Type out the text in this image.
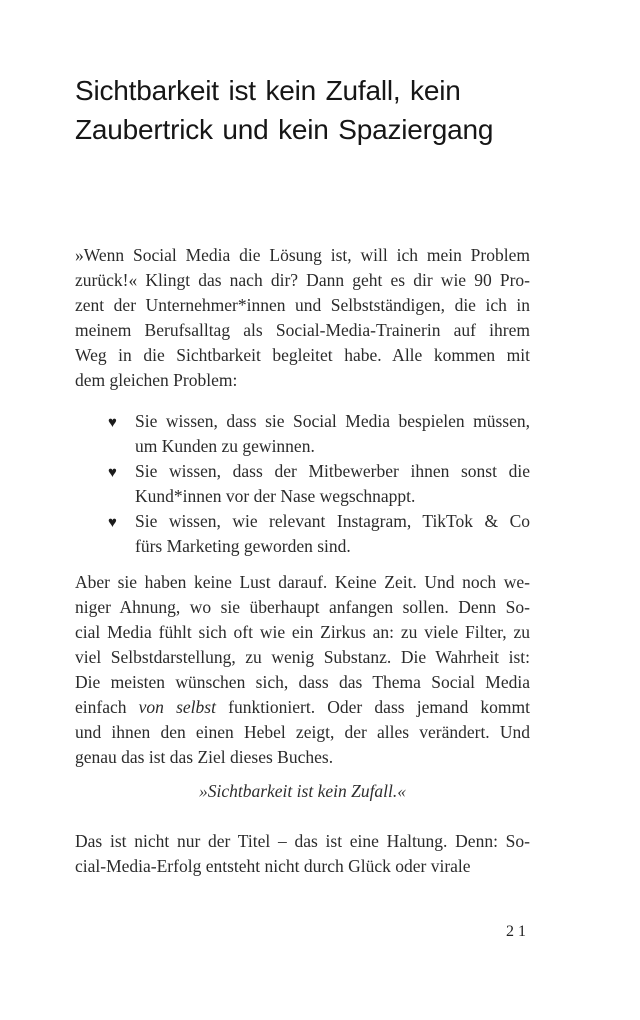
Sichtbarkeit ist kein Zufall, kein
Zaubertrick und kein Spaziergang
»Wenn Social Media die Lösung ist, will ich mein Problem
zurück!« Klingt das nach dir? Dann geht es dir wie 90 Pro-
zent der Unternehmer*innen und Selbstständigen, die ich in
meinem Berufsalltag als Social-Media-Trainerin auf ihrem
Weg in die Sichtbarkeit begleitet habe. Alle kommen mit
dem gleichen Problem:
♥ Sie wissen, dass sie Social Media bespielen müssen,
um Kunden zu gewinnen.
♥ Sie wissen, dass der Mitbewerber ihnen sonst die
Kund*innen vor der Nase wegschnappt.
♥ Sie wissen, wie relevant Instagram, TikTok & Co
fürs Marketing geworden sind.
Aber sie haben keine Lust darauf. Keine Zeit. Und noch we-
niger Ahnung, wo sie überhaupt anfangen sollen. Denn So-
cial Media fühlt sich oft wie ein Zirkus an: zu viele Filter, zu
viel Selbstdarstellung, zu wenig Substanz. Die Wahrheit ist:
Die meisten wünschen sich, dass das Thema Social Media
einfach von selbst funktioniert. Oder dass jemand kommt
und ihnen den einen Hebel zeigt, der alles verändert. Und
genau das ist das Ziel dieses Buches.
»Sichtbarkeit ist kein Zufall.«
Das ist nicht nur der Titel – das ist eine Haltung. Denn: So-
cial-Media-Erfolg entsteht nicht durch Glück oder virale
21
